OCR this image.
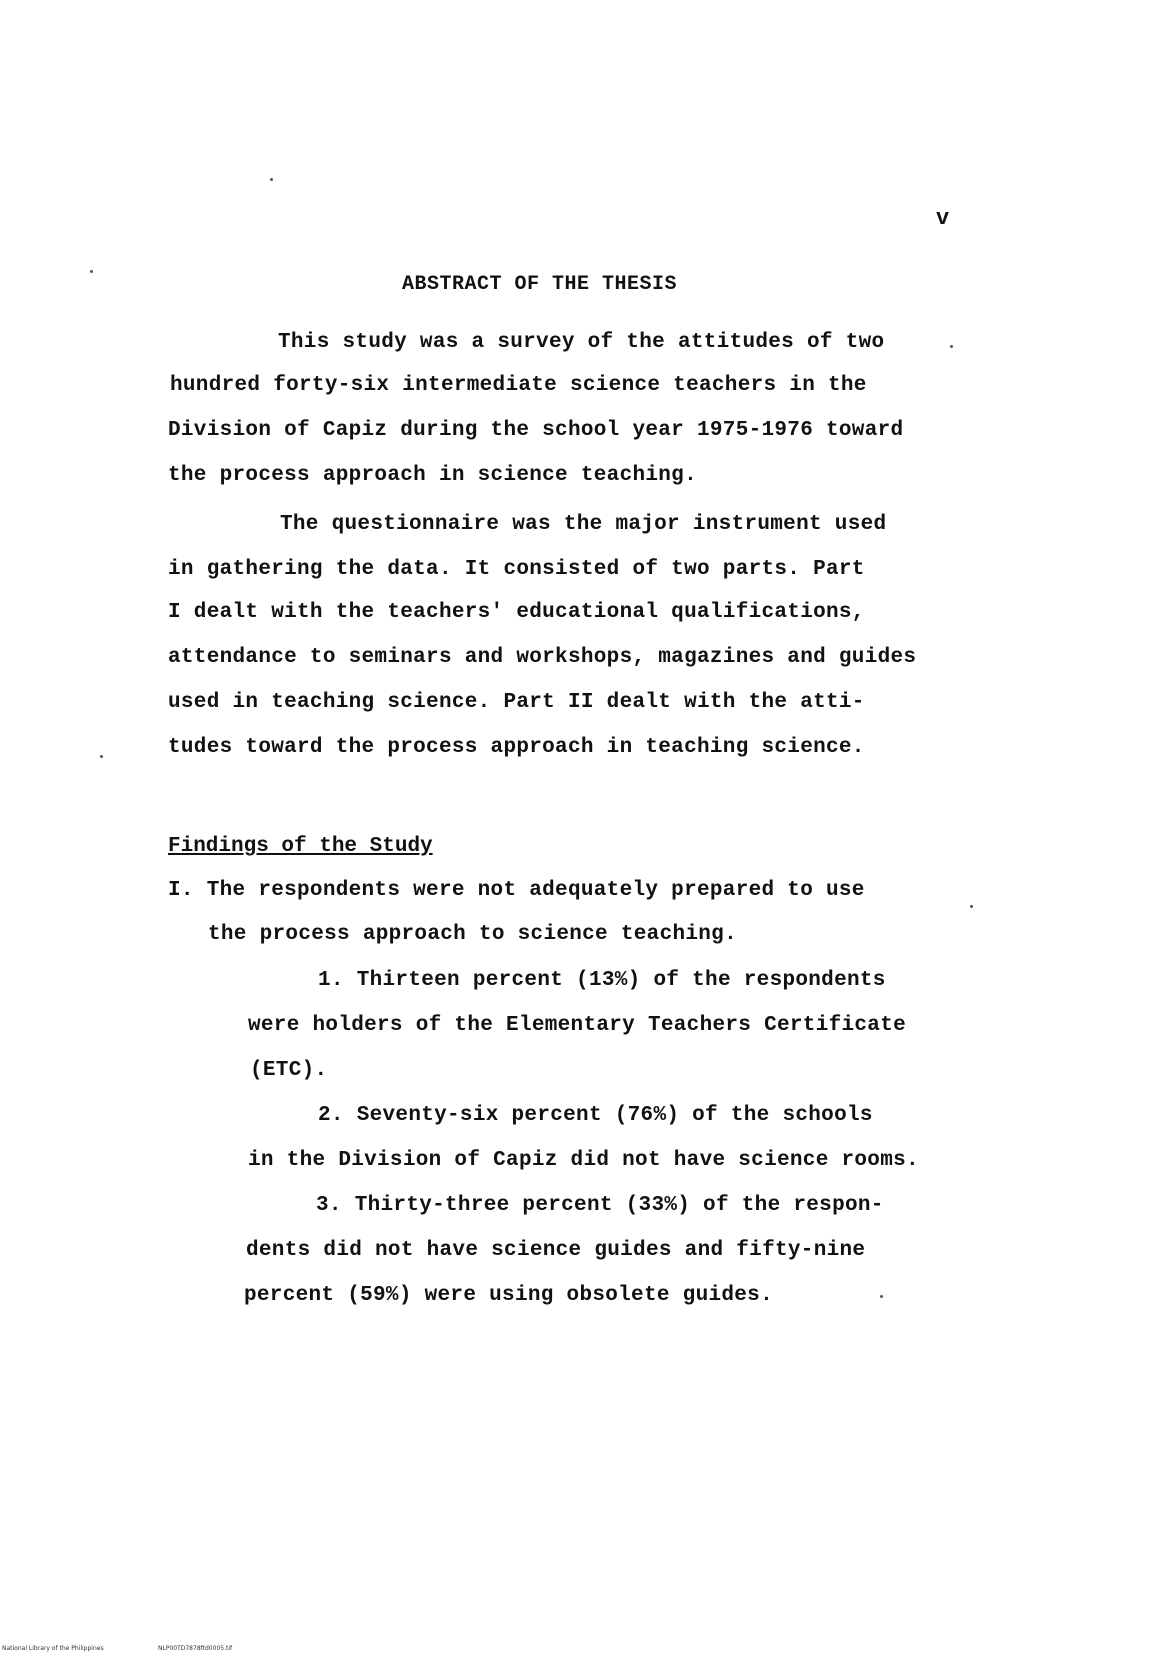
v
ABSTRACT OF THE THESIS
This study was a survey of the attitudes of two
hundred forty-six intermediate science teachers in the
Division of Capiz during the school year 1975-1976 toward
the process approach in science teaching.
The questionnaire was the major instrument used
in gathering the data. It consisted of two parts. Part
I dealt with the teachers' educational qualifications,
attendance to seminars and workshops, magazines and guides
used in teaching science. Part II dealt with the atti-
tudes toward the process approach in teaching science.
Findings of the Study
I. The respondents were not adequately prepared to use
the process approach to science teaching.
1. Thirteen percent (13%) of the respondents
were holders of the Elementary Teachers Certificate
(ETC).
2. Seventy-six percent (76%) of the schools
in the Division of Capiz did not have science rooms.
3. Thirty-three percent (33%) of the respon-
dents did not have science guides and fifty-nine
percent (59%) were using obsolete guides.
National Library of the Philippines	NLP00TD7878ftd0005.tif
